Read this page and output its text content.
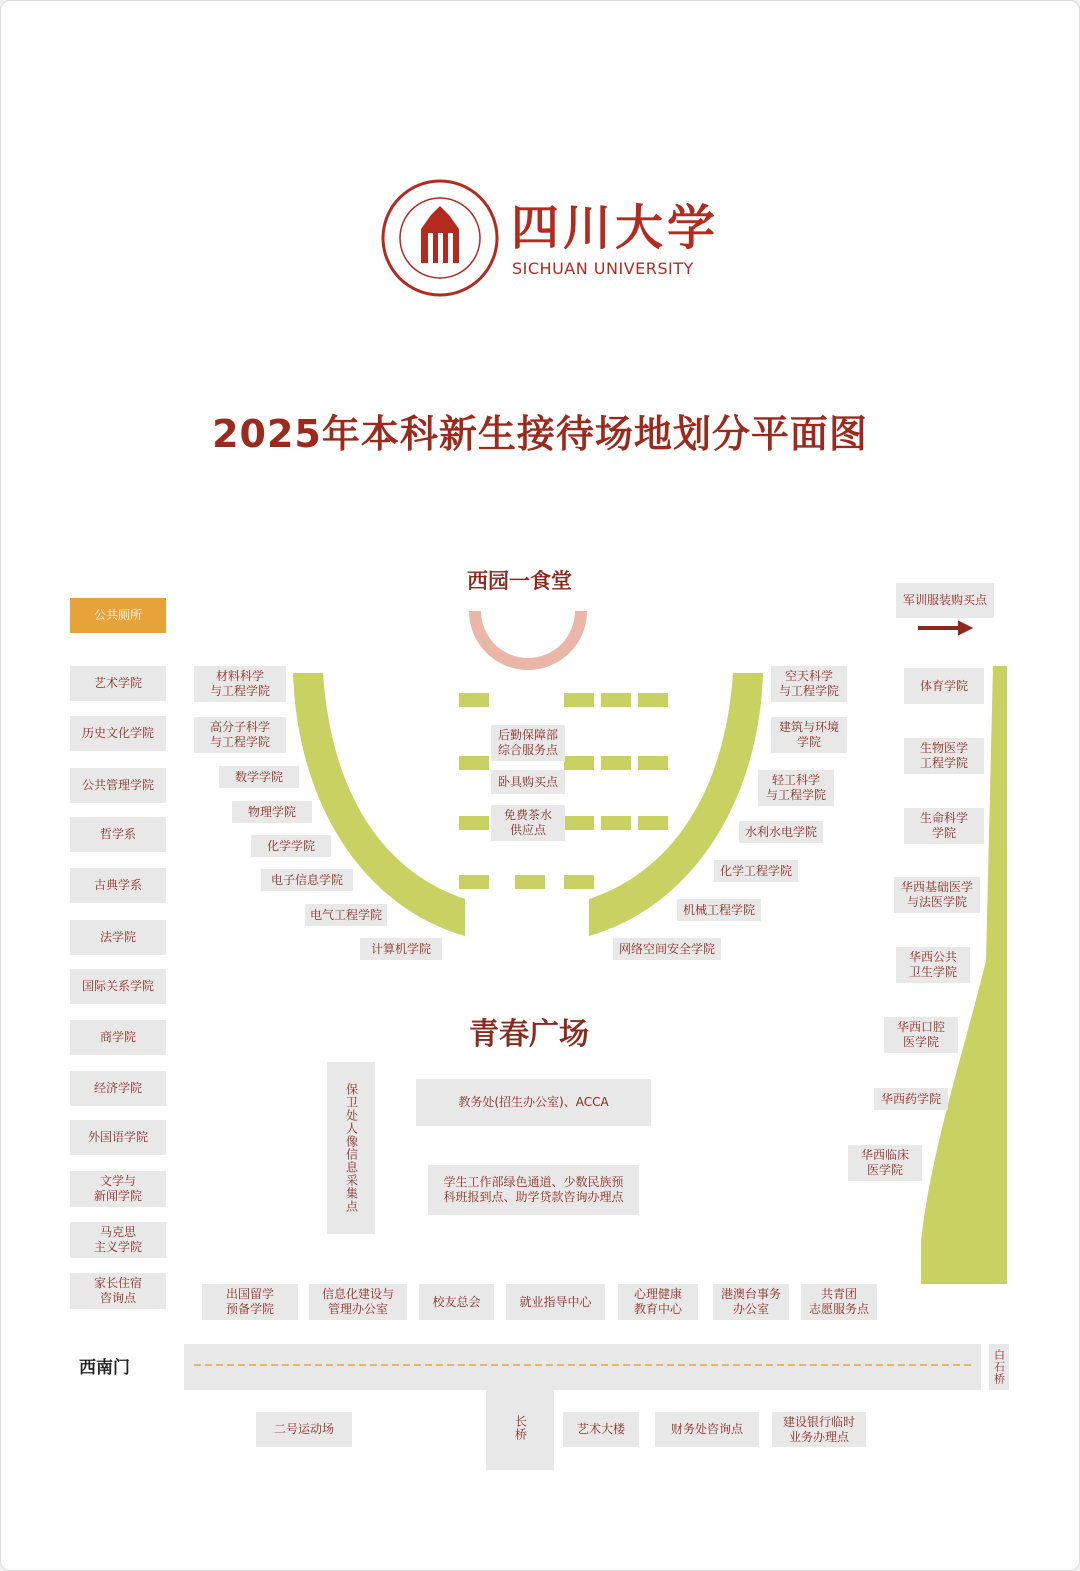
四川大学
SICHUAN UNIVERSITY
2025年本科新生接待场地划分平面图
西园一食堂
青春广场
西南门
公共厕所
军训服装购买点
艺术学院
历史文化学院
公共管理学院
哲学系
古典学系
法学院
国际关系学院
商学院
经济学院
外国语学院
文学与
新闻学院
马克思
主义学院
家长住宿
咨询点
材料科学
与工程学院
高分子科学
与工程学院
数学学院
物理学院
化学学院
电子信息学院
电气工程学院
计算机学院
空天科学
与工程学院
建筑与环境
学院
轻工科学
与工程学院
水利水电学院
化学工程学院
机械工程学院
网络空间安全学院
体育学院
生物医学
工程学院
生命科学
学院
华西基础医学
与法医学院
华西公共
卫生学院
华西口腔
医学院
华西药学院
华西临床
医学院
后勤保障部
综合服务点
卧具购买点
免费茶水
供应点
保卫处人像信息采集点	教务处(招生办公室)、ACCA
学生工作部绿色通道、少数民族预
科班报到点、助学贷款咨询办理点
出国留学
预备学院
信息化建设与
管理办公室
校友总会	就业指导中心
心理健康
教育中心
港澳台事务
办公室
共青团
志愿服务点
白石桥
长桥
二号运动场	艺术大楼	财务处咨询点
建设银行临时
业务办理点
